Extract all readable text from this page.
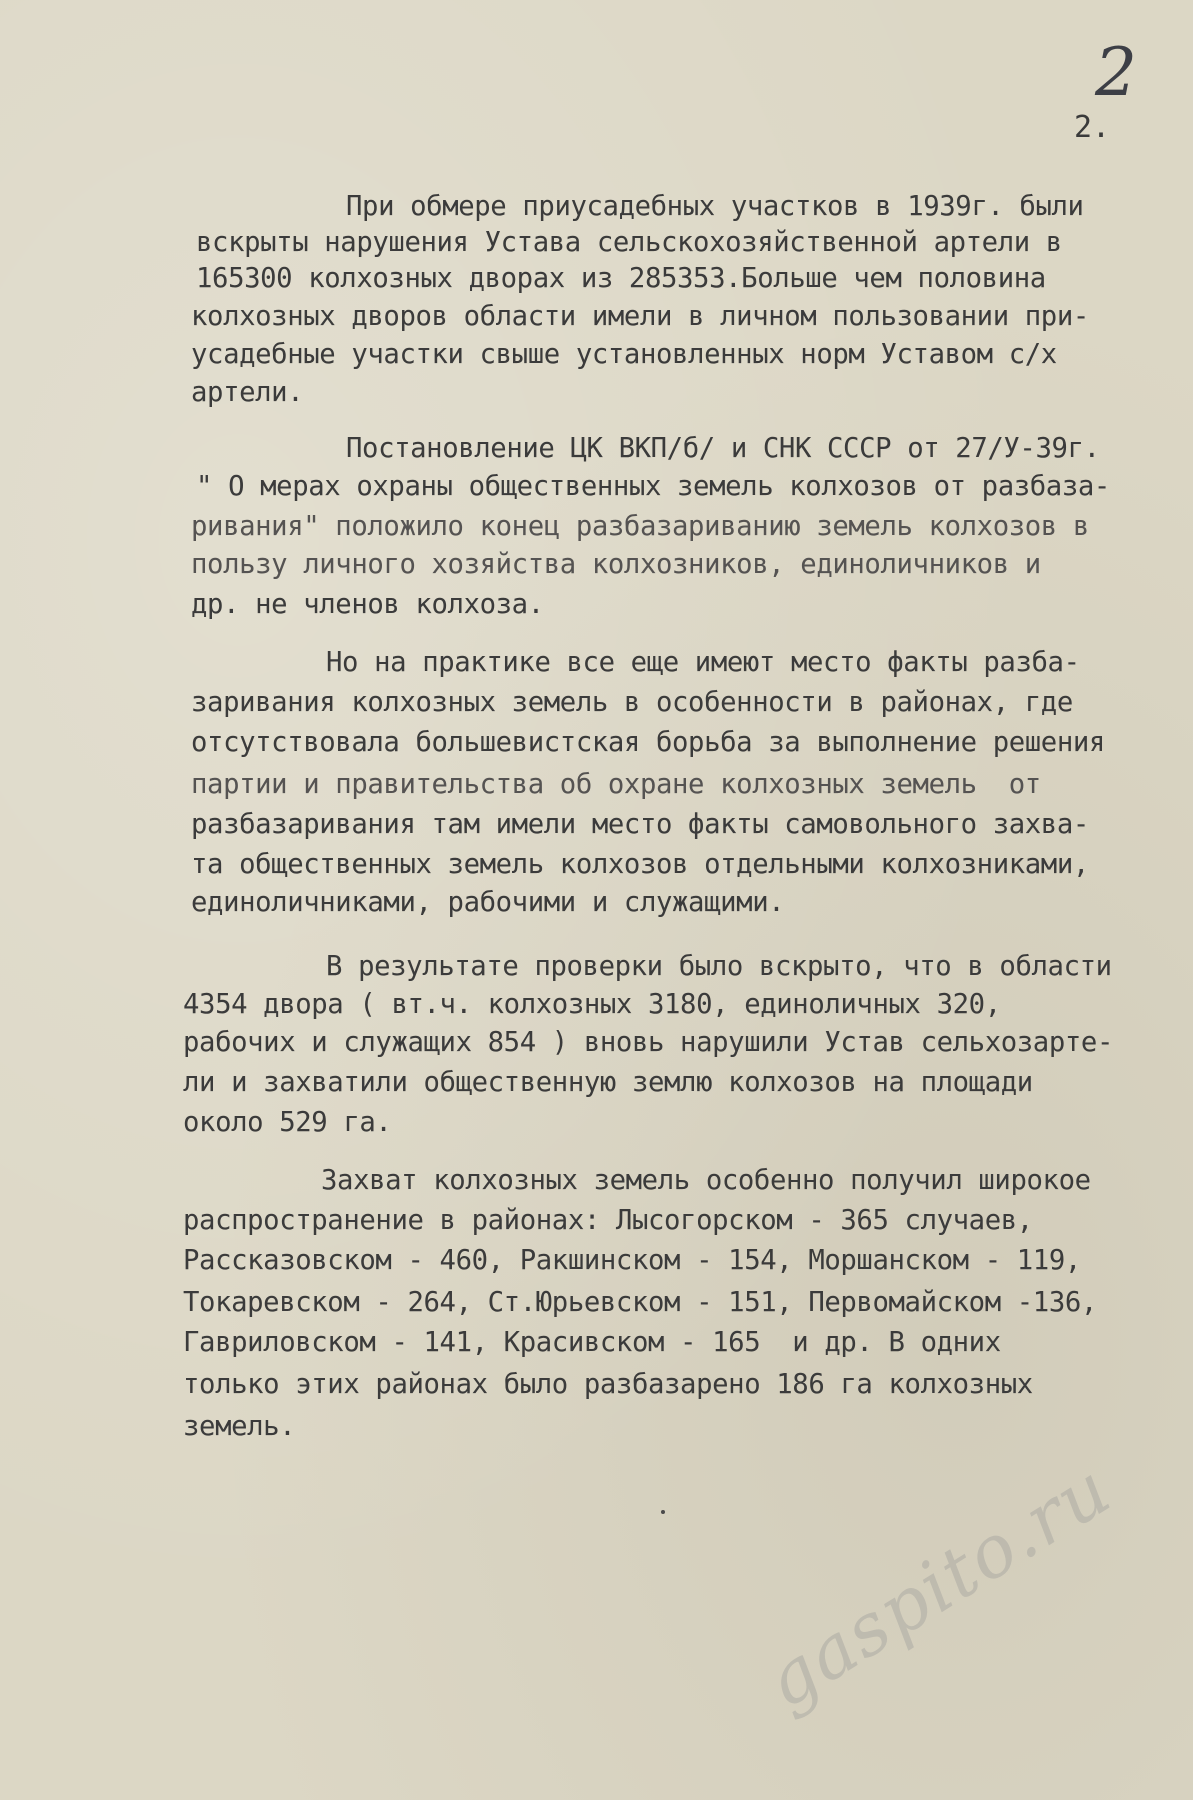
2
2.
При обмере приусадебных участков в 1939г. были
вскрыты нарушения Устава сельскохозяйственной артели в
165300 колхозных дворах из 285353.Больше чем половина
колхозных дворов области имели в личном пользовании при-
усадебные участки свыше установленных норм Уставом с/х
артели.
Постановление ЦК ВКП/б/ и СНК СССР от 27/У-39г.
" О мерах охраны общественных земель колхозов от разбаза-
ривания" положило конец разбазариванию земель колхозов в
пользу личного хозяйства колхозников, единоличников и
др. не членов колхоза.
Но на практике все еще имеют место факты разба-
заривания колхозных земель в особенности в районах, где
отсутствовала большевистская борьба за выполнение решения
партии и правительства об охране колхозных земель  от
разбазаривания там имели место факты самовольного захва-
та общественных земель колхозов отдельными колхозниками,
единоличниками, рабочими и служащими.
В результате проверки было вскрыто, что в области
4354 двора ( вт.ч. колхозных 3180, единоличных 320,
рабочих и служащих 854 ) вновь нарушили Устав сельхозарте-
ли и захватили общественную землю колхозов на площади
около 529 га.
Захват колхозных земель особенно получил широкое
распространение в районах: Лысогорском - 365 случаев,
Рассказовском - 460, Ракшинском - 154, Моршанском - 119,
Токаревском - 264, Ст.Юрьевском - 151, Первомайском -136,
Гавриловском - 141, Красивском - 165  и др. В одних
только этих районах было разбазарено 186 га колхозных
земель.
gaspito.ru
